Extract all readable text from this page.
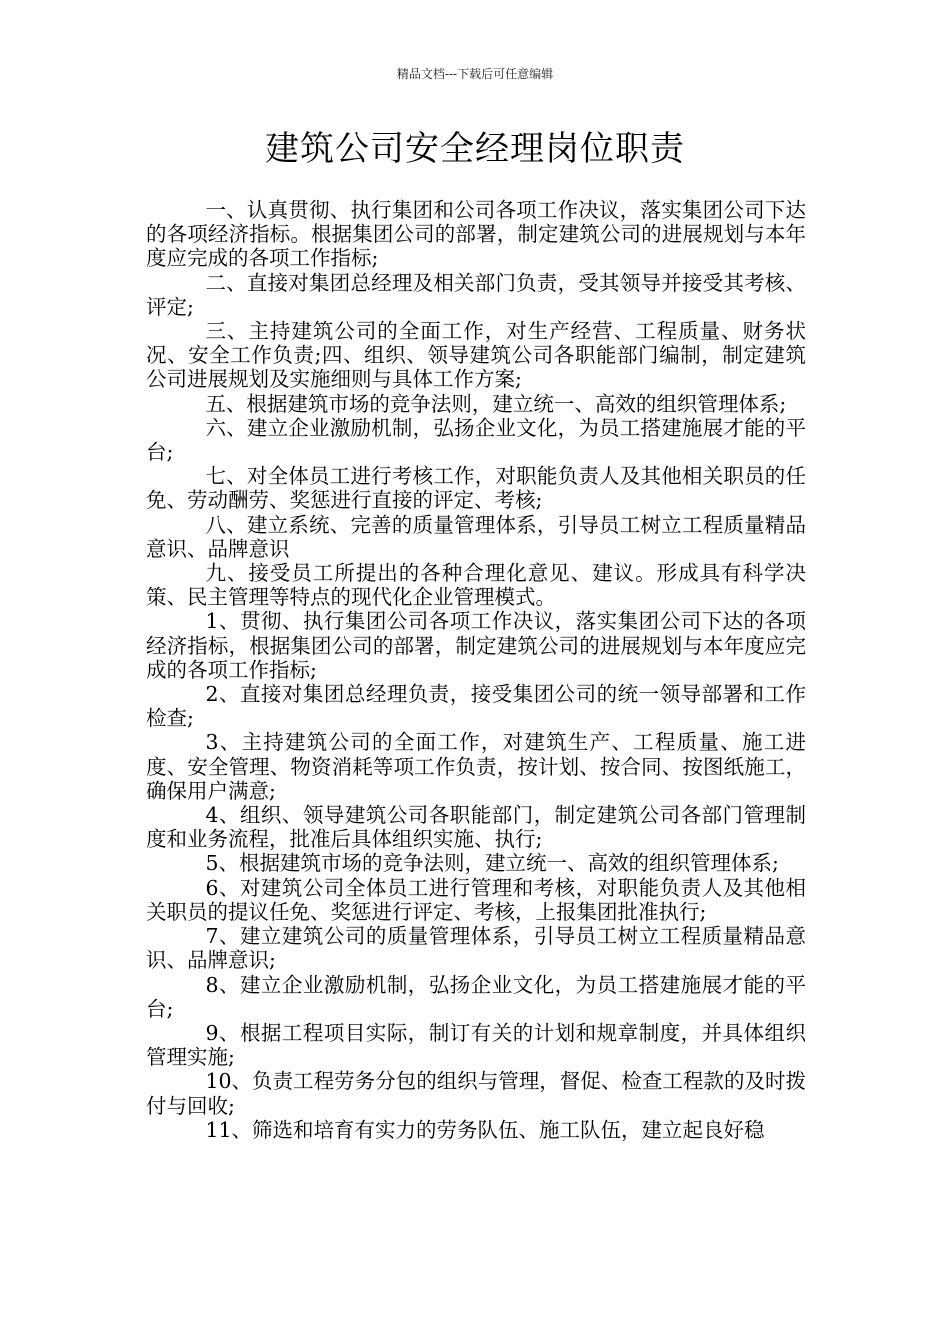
精品文档---下载后可任意编辑
建筑公司安全经理岗位职责

一、认真贯彻、执行集团和公司各项工作决议，落实集团公司下达的各项经济指标。根据集团公司的部署，制定建筑公司的进展规划与本年度应完成的各项工作指标;

二、直接对集团总经理及相关部门负责，受其领导并接受其考核、评定;

三、主持建筑公司的全面工作，对生产经营、工程质量、财务状况、安全工作负责;四、组织、领导建筑公司各职能部门编制，制定建筑公司进展规划及实施细则与具体工作方案;

五、根据建筑市场的竞争法则，建立统一、高效的组织管理体系;

六、建立企业激励机制，弘扬企业文化，为员工搭建施展才能的平台;

七、对全体员工进行考核工作，对职能负责人及其他相关职员的任免、劳动酬劳、奖惩进行直接的评定、考核;

八、建立系统、完善的质量管理体系，引导员工树立工程质量精品意识、品牌意识

九、接受员工所提出的各种合理化意见、建议。形成具有科学决策、民主管理等特点的现代化企业管理模式。

1、贯彻、执行集团公司各项工作决议，落实集团公司下达的各项经济指标，根据集团公司的部署，制定建筑公司的进展规划与本年度应完成的各项工作指标;

2、直接对集团总经理负责，接受集团公司的统一领导部署和工作检查;

3、主持建筑公司的全面工作，对建筑生产、工程质量、施工进度、安全管理、物资消耗等项工作负责，按计划、按合同、按图纸施工，确保用户满意;

4、组织、领导建筑公司各职能部门，制定建筑公司各部门管理制度和业务流程，批准后具体组织实施、执行;

5、根据建筑市场的竞争法则，建立统一、高效的组织管理体系;

6、对建筑公司全体员工进行管理和考核，对职能负责人及其他相关职员的提议任免、奖惩进行评定、考核，上报集团批准执行;

7、建立建筑公司的质量管理体系，引导员工树立工程质量精品意识、品牌意识;

8、建立企业激励机制，弘扬企业文化，为员工搭建施展才能的平台;

9、根据工程项目实际，制订有关的计划和规章制度，并具体组织管理实施;

10、负责工程劳务分包的组织与管理，督促、检查工程款的及时拨付与回收;

11、筛选和培育有实力的劳务队伍、施工队伍，建立起良好稳
